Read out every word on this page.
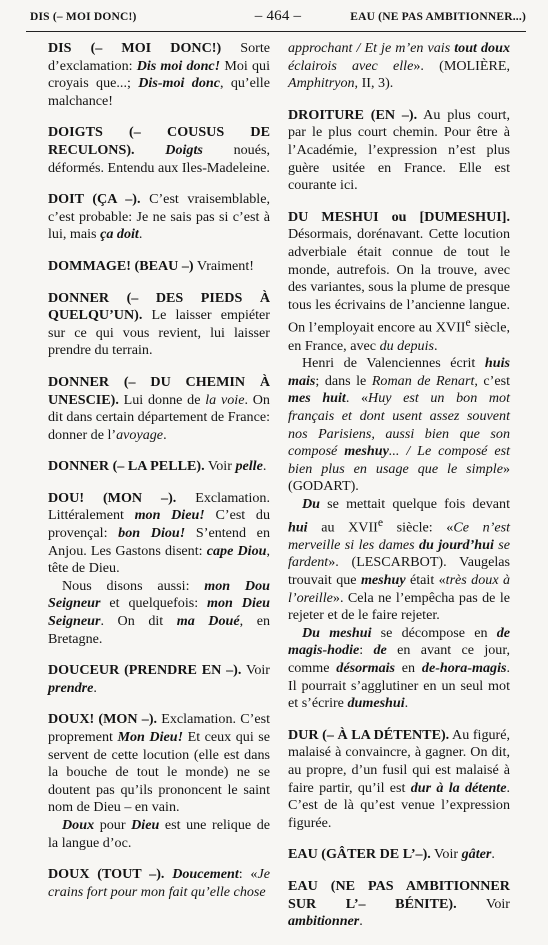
DIS (– MOI DONC!)	– 464 –	EAU (NE PAS AMBITIONNER...)

DIS (– MOI DONC!) Sorte d’exclamation: Dis moi donc! Moi qui croyais que...; Dis-moi donc, qu’elle malchance!

DOIGTS (– COUSUS DE RECULONS). Doigts noués, déformés. Entendu aux Iles-Madeleine.

DOIT (ÇA –). C’est vraisemblable, c’est probable: Je ne sais pas si c’est à lui, mais ça doit.

DOMMAGE! (BEAU –) Vraiment!

DONNER (– DES PIEDS À QUELQU’UN). Le laisser empiéter sur ce qui vous revient, lui laisser prendre du terrain.

DONNER (– DU CHEMIN À UNESCIE). Lui donne de la voie. On dit dans certain département de France: donner de l’avoyage.

DONNER (– LA PELLE). Voir pelle.

DOU! (MON –). Exclamation. Littéralement mon Dieu! C’est du provençal: bon Diou! S’entend en Anjou. Les Gastons disent: cape Diou, tête de Dieu.

Nous disons aussi: mon Dou Seigneur et quelquefois: mon Dieu Seigneur. On dit ma Doué, en Bretagne.

DOUCEUR (PRENDRE EN –). Voir prendre.

DOUX! (MON –). Exclamation. C’est proprement Mon Dieu! Et ceux qui se servent de cette locution (elle est dans la bouche de tout le monde) ne se doutent pas qu’ils prononcent le saint nom de Dieu – en vain.

Doux pour Dieu est une relique de la langue d’oc.

DOUX (TOUT –). Doucement: «Je crains fort pour mon fait qu’elle chose

approchant / Et je m’en vais tout doux éclairois avec elle». (MOLIÈRE, Amphitryon, II, 3).

DROITURE (EN –). Au plus court, par le plus court chemin. Pour être à l’Académie, l’expression n’est plus guère usitée en France. Elle est courante ici.

DU MESHUI ou [DUMESHUI]. Désormais, dorénavant. Cette locution adverbiale était connue de tout le monde, autrefois. On la trouve, avec des variantes, sous la plume de presque tous les écrivains de l’ancienne langue. On l’employait encore au XVIIe siècle, en France, avec du depuis.

Henri de Valenciennes écrit huis mais; dans le Roman de Renart, c’est mes huit. «Huy est un bon mot français et dont usent assez souvent nos Parisiens, aussi bien que son composé meshuy... / Le composé est bien plus en usage que le simple» (GODART).

Du se mettait quelque fois devant hui au XVIIe siècle: «Ce n’est merveille si les dames du jourd’hui se fardent». (LESCARBOT). Vaugelas trouvait que meshuy était «très doux à l’oreille». Cela ne l’empêcha pas de le rejeter et de le faire rejeter.

Du meshui se décompose en de magis-hodie: de en avant ce jour, comme désormais en de-hora-magis. Il pourrait s’agglutiner en un seul mot et s’écrire dumeshui.

DUR (– À LA DÉTENTE). Au figuré, malaisé à convaincre, à gagner. On dit, au propre, d’un fusil qui est malaisé à faire partir, qu’il est dur à la détente. C’est de là qu’est venue l’expression figurée.

EAU (GÂTER DE L’–). Voir gâter.

EAU (NE PAS AMBITIONNER SUR L’– BÉNITE). Voir ambitionner.
